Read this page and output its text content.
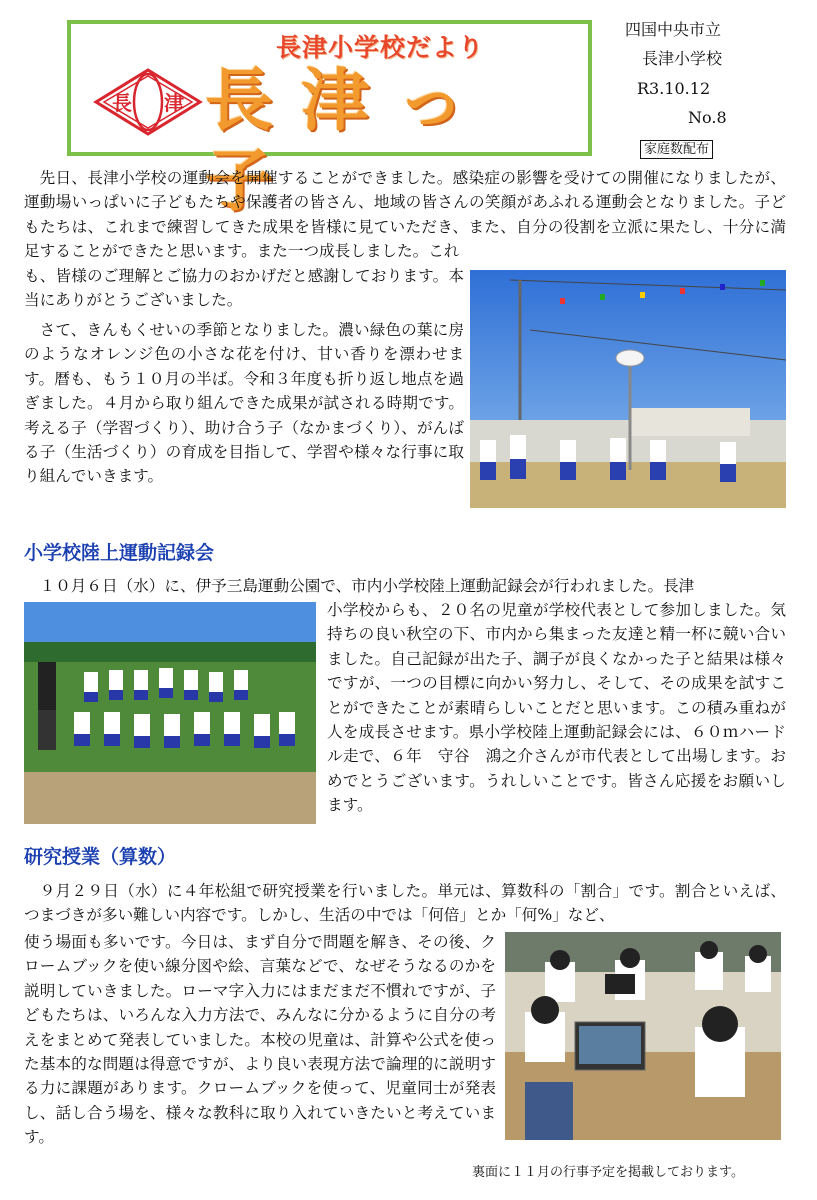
長津小学校だより
長津っ子
長 津
四国中央市立
長津小学校
R3.10.12
No.8
家庭数配布
先日、長津小学校の運動会を開催することができました。感染症の影響を受けての開催になりましたが、運動場いっぱいに子どもたちや保護者の皆さん、地域の皆さんの笑顔があふれる運動会となりました。子どもたちは、これまで練習してきた成果を皆様に見ていただき、また、自分の役割を立派に果たし、十分に満足することができたと思います。また一つ成長しました。これ
も、皆様のご理解とご協力のおかげだと感謝しております。本当にありがとうございました。
さて、きんもくせいの季節となりました。濃い緑色の葉に房のようなオレンジ色の小さな花を付け、甘い香りを漂わせます。暦も、もう１０月の半ば。令和３年度も折り返し地点を過ぎました。４月から取り組んできた成果が試される時期です。考える子（学習づくり）、助け合う子（なかまづくり）、がんばる子（生活づくり）の育成を目指して、学習や様々な行事に取り組んでいきます。
小学校陸上運動記録会
１０月６日（水）に、伊予三島運動公園で、市内小学校陸上運動記録会が行われました。長津
小学校からも、２０名の児童が学校代表として参加しました。気持ちの良い秋空の下、市内から集まった友達と精一杯に競い合いました。自己記録が出た子、調子が良くなかった子と結果は様々ですが、一つの目標に向かい努力し、そして、その成果を試すことができたことが素晴らしいことだと思います。この積み重ねが人を成長させます。県小学校陸上運動記録会には、６０ｍハードル走で、６年　守谷　鴻之介さんが市代表として出場します。おめでとうございます。うれしいことです。皆さん応援をお願いします。
研究授業（算数）
９月２９日（水）に４年松組で研究授業を行いました。単元は、算数科の「割合」です。割合といえば、つまづきが多い難しい内容です。しかし、生活の中では「何倍」とか「何%」など、
使う場面も多いです。今日は、まず自分で問題を解き、その後、クロームブックを使い線分図や絵、言葉などで、なぜそうなるのかを説明していきました。ローマ字入力にはまだまだ不慣れですが、子どもたちは、いろんな入力方法で、みんなに分かるように自分の考えをまとめて発表していました。本校の児童は、計算や公式を使った基本的な問題は得意ですが、より良い表現方法で論理的に説明する力に課題があります。クロームブックを使って、児童同士が発表し、話し合う場を、様々な教科に取り入れていきたいと考えています。
裏面に１１月の行事予定を掲載しております。
